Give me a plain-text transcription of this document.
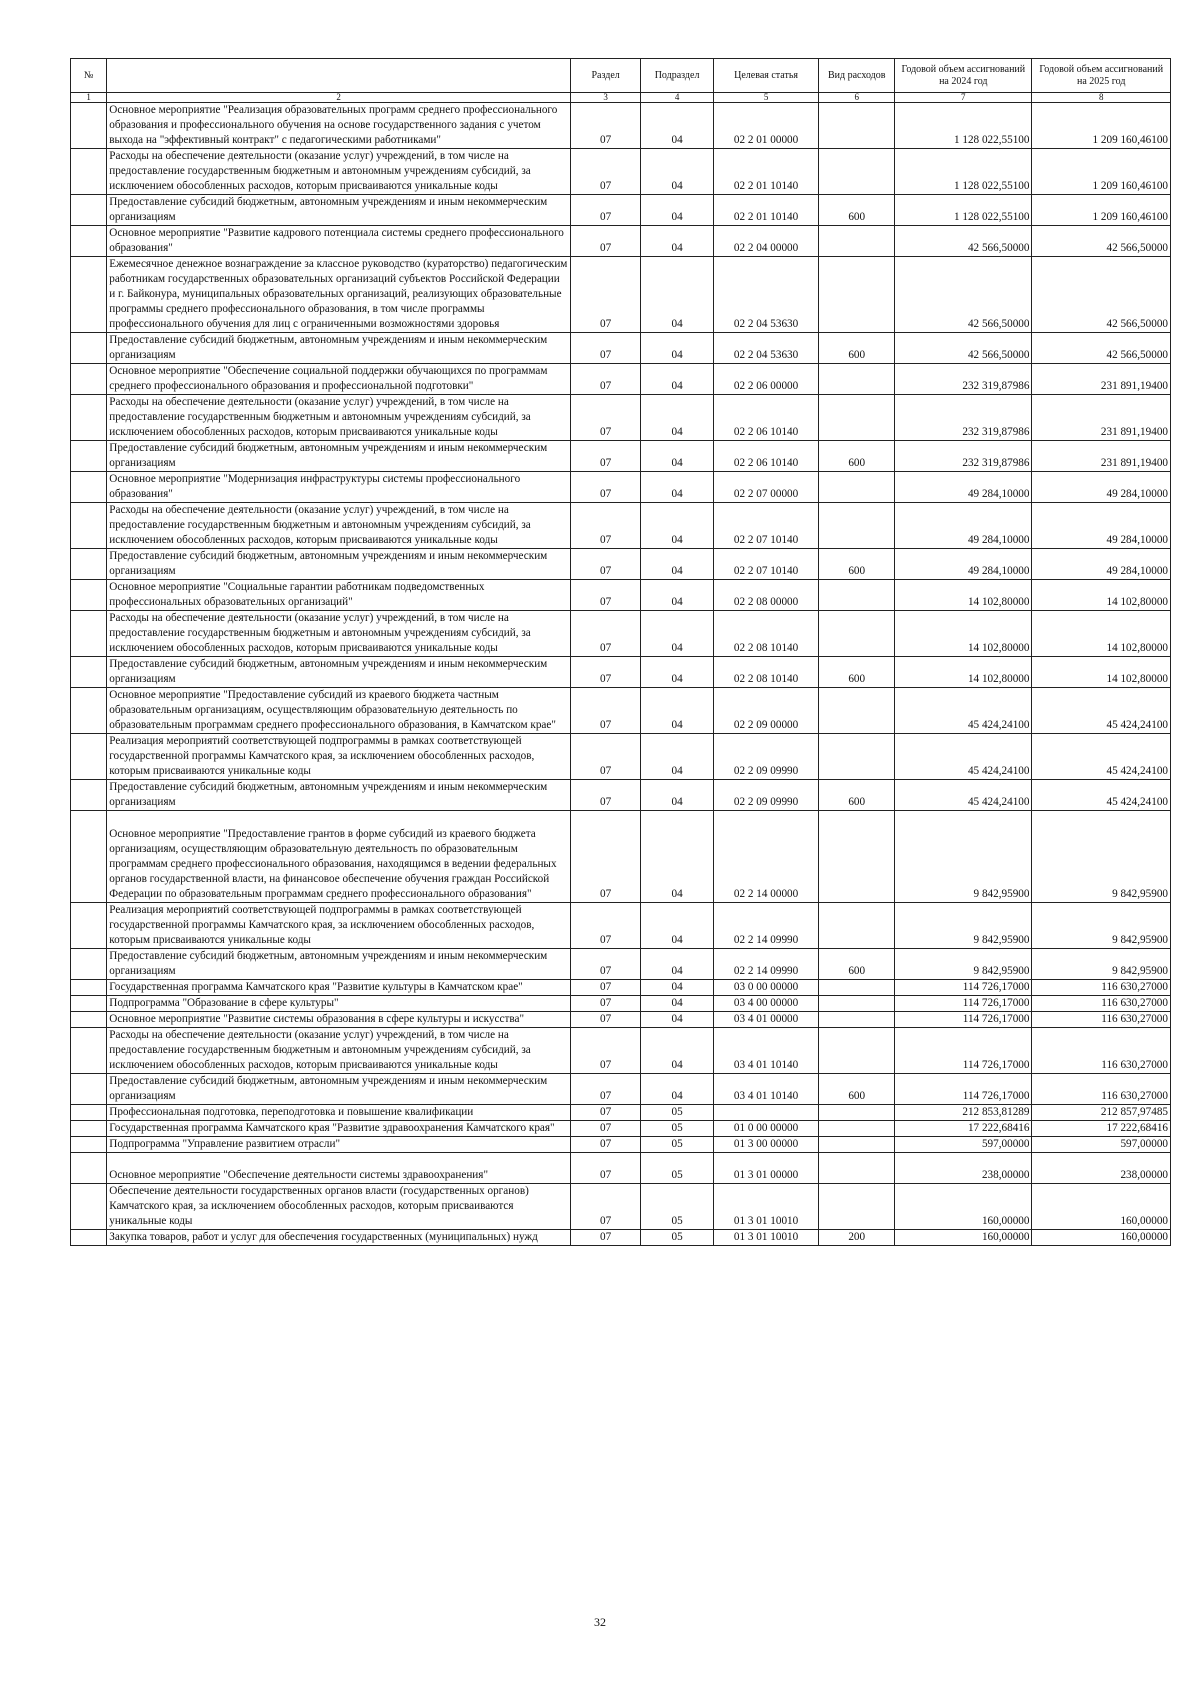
№		Раздел	Подраздел	Целевая статья	Вид расходов	Годовой объем ассигнований на 2024 год	Годовой объем ассигнований на 2025 год
1	2	3	4	5	6	7	8
	Основное мероприятие "Реализация образовательных программ среднего профессионального образования и профессионального обучения на основе государственного задания с учетом выхода на "эффективный контракт" с педагогическими работниками"	07	04	02 2 01 00000		1 128 022,55100	1 209 160,46100
	Расходы на обеспечение деятельности (оказание услуг) учреждений, в том числе на предоставление государственным бюджетным и автономным учреждениям субсидий, за исключением обособленных расходов, которым присваиваются уникальные коды	07	04	02 2 01 10140		1 128 022,55100	1 209 160,46100
	Предоставление субсидий бюджетным, автономным учреждениям и иным некоммерческим организациям	07	04	02 2 01 10140	600	1 128 022,55100	1 209 160,46100
	Основное мероприятие "Развитие кадрового потенциала системы среднего профессионального образования"	07	04	02 2 04 00000		42 566,50000	42 566,50000
	Ежемесячное денежное вознаграждение за классное руководство (кураторство) педагогическим работникам государственных образовательных организаций субъектов Российской Федерации и г. Байконура, муниципальных образовательных организаций, реализующих образовательные программы среднего профессионального образования, в том числе программы профессионального обучения для лиц с ограниченными возможностями здоровья	07	04	02 2 04 53630		42 566,50000	42 566,50000
	Предоставление субсидий бюджетным, автономным учреждениям и иным некоммерческим организациям	07	04	02 2 04 53630	600	42 566,50000	42 566,50000
	Основное мероприятие "Обеспечение социальной поддержки обучающихся по программам среднего профессионального образования и профессиональной подготовки"	07	04	02 2 06 00000		232 319,87986	231 891,19400
	Расходы на обеспечение деятельности (оказание услуг) учреждений, в том числе на предоставление государственным бюджетным и автономным учреждениям субсидий, за исключением обособленных расходов, которым присваиваются уникальные коды	07	04	02 2 06 10140		232 319,87986	231 891,19400
	Предоставление субсидий бюджетным, автономным учреждениям и иным некоммерческим организациям	07	04	02 2 06 10140	600	232 319,87986	231 891,19400
	Основное мероприятие "Модернизация инфраструктуры системы профессионального образования"	07	04	02 2 07 00000		49 284,10000	49 284,10000
	Расходы на обеспечение деятельности (оказание услуг) учреждений, в том числе на предоставление государственным бюджетным и автономным учреждениям субсидий, за исключением обособленных расходов, которым присваиваются уникальные коды	07	04	02 2 07 10140		49 284,10000	49 284,10000
	Предоставление субсидий бюджетным, автономным учреждениям и иным некоммерческим организациям	07	04	02 2 07 10140	600	49 284,10000	49 284,10000
	Основное мероприятие "Социальные гарантии работникам подведомственных профессиональных образовательных организаций"	07	04	02 2 08 00000		14 102,80000	14 102,80000
	Расходы на обеспечение деятельности (оказание услуг) учреждений, в том числе на предоставление государственным бюджетным и автономным учреждениям субсидий, за исключением обособленных расходов, которым присваиваются уникальные коды	07	04	02 2 08 10140		14 102,80000	14 102,80000
	Предоставление субсидий бюджетным, автономным учреждениям и иным некоммерческим организациям	07	04	02 2 08 10140	600	14 102,80000	14 102,80000
	Основное мероприятие "Предоставление субсидий из краевого бюджета частным образовательным организациям, осуществляющим образовательную деятельность по образовательным программам среднего профессионального образования, в Камчатском крае"	07	04	02 2 09 00000		45 424,24100	45 424,24100
	Реализация мероприятий соответствующей подпрограммы в рамках соответствующей государственной программы Камчатского края, за исключением обособленных расходов, которым присваиваются уникальные коды	07	04	02 2 09 09990		45 424,24100	45 424,24100
	Предоставление субсидий бюджетным, автономным учреждениям и иным некоммерческим организациям	07	04	02 2 09 09990	600	45 424,24100	45 424,24100
	Основное мероприятие "Предоставление грантов в форме субсидий из краевого бюджета организациям, осуществляющим образовательную деятельность по образовательным программам среднего профессионального образования, находящимся в ведении федеральных органов государственной власти, на финансовое обеспечение обучения граждан Российской Федерации по образовательным программам среднего профессионального образования"	07	04	02 2 14 00000		9 842,95900	9 842,95900
	Реализация мероприятий соответствующей подпрограммы в рамках соответствующей государственной программы Камчатского края, за исключением обособленных расходов, которым присваиваются уникальные коды	07	04	02 2 14 09990		9 842,95900	9 842,95900
	Предоставление субсидий бюджетным, автономным учреждениям и иным некоммерческим организациям	07	04	02 2 14 09990	600	9 842,95900	9 842,95900
	Государственная программа Камчатского края "Развитие культуры в Камчатском крае"	07	04	03 0 00 00000		114 726,17000	116 630,27000
	Подпрограмма "Образование в сфере культуры"	07	04	03 4 00 00000		114 726,17000	116 630,27000
	Основное мероприятие "Развитие системы образования в сфере культуры и искусства"	07	04	03 4 01 00000		114 726,17000	116 630,27000
	Расходы на обеспечение деятельности (оказание услуг) учреждений, в том числе на предоставление государственным бюджетным и автономным учреждениям субсидий, за исключением обособленных расходов, которым присваиваются уникальные коды	07	04	03 4 01 10140		114 726,17000	116 630,27000
	Предоставление субсидий бюджетным, автономным учреждениям и иным некоммерческим организациям	07	04	03 4 01 10140	600	114 726,17000	116 630,27000
	Профессиональная подготовка, переподготовка и повышение квалификации	07	05			212 853,81289	212 857,97485
	Государственная программа Камчатского края "Развитие здравоохранения Камчатского края"	07	05	01 0 00 00000		17 222,68416	17 222,68416
	Подпрограмма "Управление развитием отрасли"	07	05	01 3 00 00000		597,00000	597,00000
	Основное мероприятие "Обеспечение деятельности системы здравоохранения"	07	05	01 3 01 00000		238,00000	238,00000
	Обеспечение деятельности государственных органов власти (государственных органов) Камчатского края, за исключением обособленных расходов, которым присваиваются уникальные коды	07	05	01 3 01 10010		160,00000	160,00000
	Закупка товаров, работ и услуг для обеспечения государственных (муниципальных) нужд	07	05	01 3 01 10010	200	160,00000	160,00000
32
